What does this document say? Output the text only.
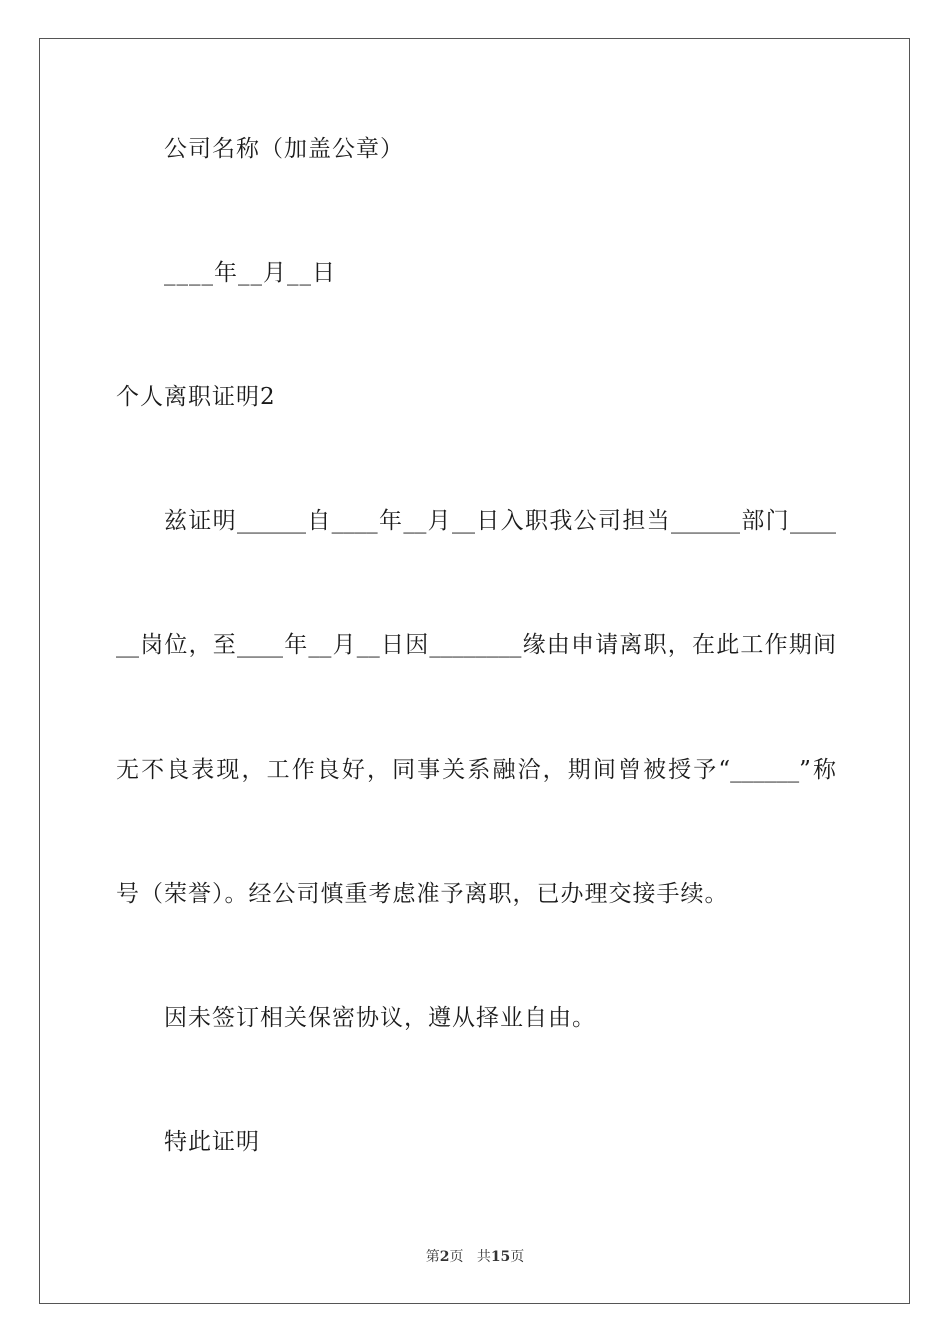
公司名称（加盖公章）
____年__月__日
个人离职证明2
兹证明______自____年__月__日入职我公司担当______部门____
__岗位，至____年__月__日因________缘由申请离职，在此工作期间
无不良表现，工作良好，同事关系融洽，期间曾被授予“______”称
号（荣誉）。经公司慎重考虑准予离职，已办理交接手续。
因未签订相关保密协议，遵从择业自由。
特此证明
第2页 共15页
